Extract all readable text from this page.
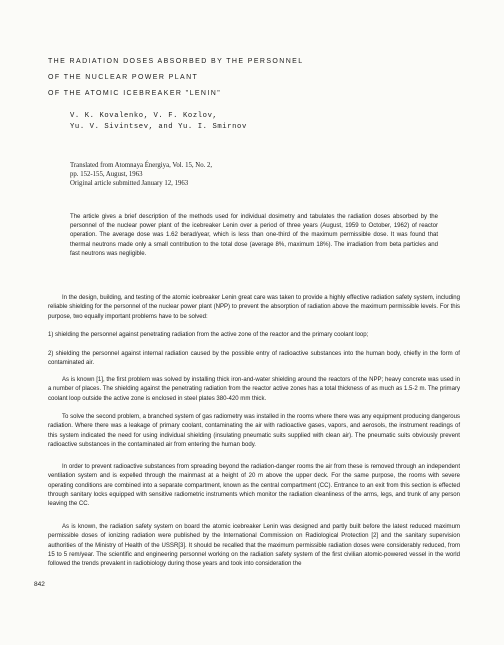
THE RADIATION DOSES ABSORBED BY THE PERSONNEL
OF THE NUCLEAR POWER PLANT
OF THE ATOMIC ICEBREAKER "LENIN"
V. K. Kovalenko, V. F. Kozlov,
Yu. V. Sivintsev, and Yu. I. Smirnov
Translated from Atomnaya Énergiya, Vol. 15, No. 2,
pp. 152-155, August, 1963
Original article submitted January 12, 1963

The article gives a brief description of the methods used for individual dosimetry and tabulates the radiation doses absorbed by the personnel of the nuclear power plant of the icebreaker Lenin over a period of three years (August, 1959 to October, 1962) of reactor operation. The average dose was 1.62 berad/year, which is less than one-third of the maximum permissible dose. It was found that thermal neutrons made only a small contribution to the total dose (average 8%, maximum 18%). The irradiation from beta particles and fast neutrons was negligible.

In the design, building, and testing of the atomic icebreaker Lenin great care was taken to provide a highly effective radiation safety system, including reliable shielding for the personnel of the nuclear power plant (NPP) to prevent the absorption of radiation above the maximum permissible levels. For this purpose, two equally important problems have to be solved:

1) shielding the personnel against penetrating radiation from the active zone of the reactor and the primary coolant loop;

2) shielding the personnel against internal radiation caused by the possible entry of radioactive substances into the human body, chiefly in the form of contaminated air.

As is known [1], the first problem was solved by installing thick iron-and-water shielding around the reactors of the NPP; heavy concrete was used in a number of places. The shielding against the penetrating radiation from the reactor active zones has a total thickness of as much as 1.5-2 m. The primary coolant loop outside the active zone is enclosed in steel plates 380-420 mm thick.

To solve the second problem, a branched system of gas radiometry was installed in the rooms where there was any equipment producing dangerous radiation. Where there was a leakage of primary coolant, contaminating the air with radioactive gases, vapors, and aerosols, the instrument readings of this system indicated the need for using individual shielding (insulating pneumatic suits supplied with clean air). The pneumatic suits obviously prevent radioactive substances in the contaminated air from entering the human body.

In order to prevent radioactive substances from spreading beyond the radiation-danger rooms the air from these is removed through an independent ventilation system and is expelled through the mainmast at a height of 20 m above the upper deck. For the same purpose, the rooms with severe operating conditions are combined into a separate compartment, known as the central compartment (CC). Entrance to an exit from this section is effected through sanitary locks equipped with sensitive radiometric instruments which monitor the radiation cleanliness of the arms, legs, and trunk of any person leaving the CC.

As is known, the radiation safety system on board the atomic icebreaker Lenin was designed and partly built before the latest reduced maximum permissible doses of ionizing radiation were published by the International Commission on Radiological Protection [2] and the sanitary supervision authorities of the Ministry of Health of the USSR[3]. It should be recalled that the maximum permissible radiation doses were considerably reduced, from 15 to 5 rem/year. The scientific and engineering personnel working on the radiation safety system of the first civilian atomic-powered vessel in the world followed the trends prevalent in radiobiology during those years and took into consideration the

842
